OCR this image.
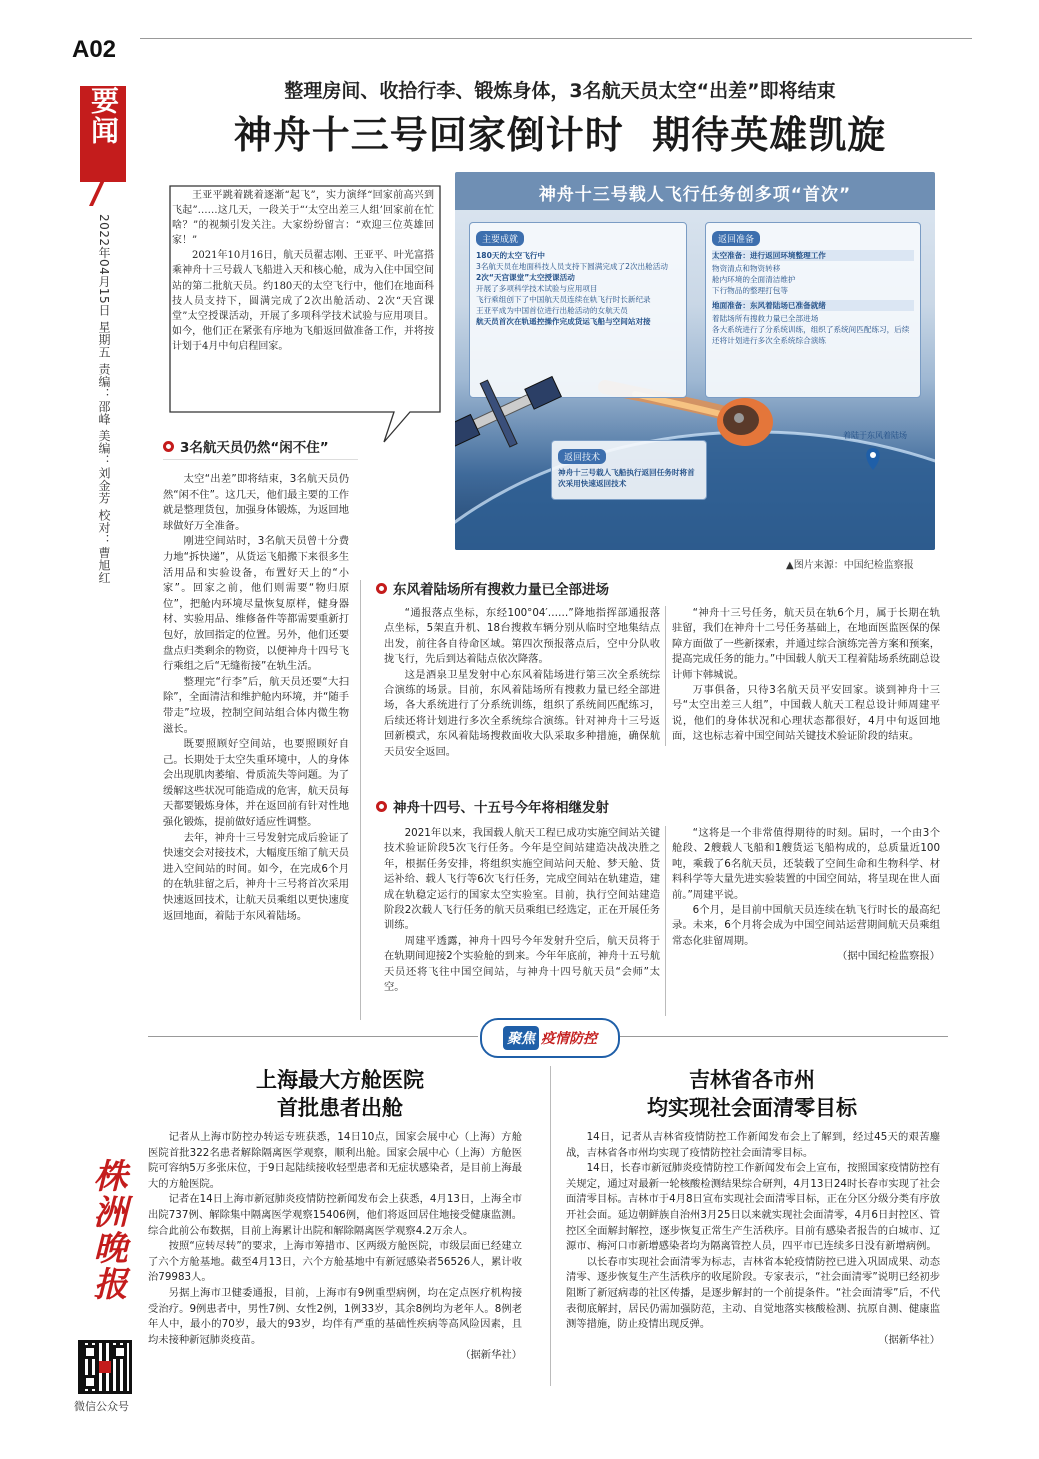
A02
要闻
2022年04月15日 星期五 责编：邵峰 美编：刘金芳 校对：曹旭红
株洲晚报
微信公众号
整理房间、收拾行李、锻炼身体，3名航天员太空“出差”即将结束
神舟十三号回家倒计时  期待英雄凯旋

王亚平跳着跳着逐渐“起飞”，实力演绎“回家前高兴到飞起”……这几天，一段关于“‘太空出差三人组’回家前在忙啥？”的视频引发关注。大家纷纷留言：“欢迎三位英雄回家！”

2021年10月16日，航天员翟志刚、王亚平、叶光富搭乘神舟十三号载人飞船进入天和核心舱，成为入住中国空间站的第二批航天员。约180天的太空飞行中，他们在地面科技人员支持下，圆满完成了2次出舱活动、2次“天宫课堂”太空授课活动，开展了多项科学技术试验与应用项目。如今，他们正在紧张有序地为飞船返回做准备工作，并将按计划于4月中旬启程回家。

神舟十三号载人飞行任务创多项“首次”
主要成就
180天的太空飞行中
3名航天员在地面科技人员支持下圆满完成了2次出舱活动
2次“天宫课堂”太空授课活动
开展了多项科学技术试验与应用项目
飞行乘组创下了中国航天员连续在轨飞行时长新纪录
王亚平成为中国首位进行出舱活动的女航天员
航天员首次在轨遥控操作完成货运飞船与空间站对接
返回准备
太空准备：进行返回环境整理工作
物资清点和物资转移
舱内环境的全面清洁维护
下行物品的整理打包等
地面准备：东风着陆场已准备就绪
着陆场所有搜救力量已全部进场
各大系统进行了分系统训练，组织了系统间匹配练习，后续还将计划进行多次全系统综合演练
返回技术
神舟十三号载人飞船执行返回任务时将首次采用快速返回技术
着陆于东风着陆场
▲图片来源：中国纪检监察报
3名航天员仍然“闲不住”

太空“出差”即将结束，3名航天员仍然“闲不住”。这几天，他们最主要的工作就是整理货包，加强身体锻炼，为返回地球做好万全准备。

刚进空间站时，3名航天员曾十分费力地“拆快递”，从货运飞船搬下来很多生活用品和实验设备，布置好天上的“小家”。回家之前，他们则需要“物归原位”，把舱内环境尽量恢复原样，健身器材、实验用品、维修备件等都需要重新打包好，放回指定的位置。另外，他们还要盘点归类剩余的物资，以便神舟十四号飞行乘组之后“无缝衔接”在轨生活。

整理完“行李”后，航天员还要“大扫除”，全面清洁和维护舱内环境，并“随手带走”垃圾，控制空间站组合体内微生物滋长。

既要照顾好空间站，也要照顾好自己。长期处于太空失重环境中，人的身体会出现肌肉萎缩、骨质流失等问题。为了缓解这些状况可能造成的危害，航天员每天都要锻炼身体，并在返回前有针对性地强化锻炼，提前做好适应性调整。

去年，神舟十三号发射完成后验证了快速交会对接技术，大幅度压缩了航天员进入空间站的时间。如今，在完成6个月的在轨驻留之后，神舟十三号将首次采用快速返回技术，让航天员乘组以更快速度返回地面，着陆于东风着陆场。

东风着陆场所有搜救力量已全部进场

“通报落点坐标，东经100°04′……”降地指挥部通报落点坐标，5架直升机、18台搜救车辆分别从临时空地集结点出发，前往各自待命区域。第四次预报落点后，空中分队收拢飞行，先后到达着陆点依次降落。

这是酒泉卫星发射中心东风着陆场进行第三次全系统综合演练的场景。目前，东风着陆场所有搜救力量已经全部进场，各大系统进行了分系统训练，组织了系统间匹配练习，后续还将计划进行多次全系统综合演练。针对神舟十三号返回新模式，东风着陆场搜救面收大队采取多种措施，确保航天员安全返回。

“神舟十三号任务，航天员在轨6个月，属于长期在轨驻留，我们在神舟十二号任务基础上，在地面医监医保的保障方面做了一些新探索，并通过综合演练完善方案和预案，提高完成任务的能力。”中国载人航天工程着陆场系统副总设计师卞韩城说。

万事俱备，只待3名航天员平安回家。谈到神舟十三号“太空出差三人组”，中国载人航天工程总设计师周建平说，他们的身体状况和心理状态都很好，4月中旬返回地面，这也标志着中国空间站关键技术验证阶段的结束。

神舟十四号、十五号今年将相继发射

2021年以来，我国载人航天工程已成功实施空间站关键技术验证阶段5次飞行任务。今年是空间站建造决战决胜之年，根据任务安排，将组织实施空间站问天舱、梦天舱、货运补给、载人飞行等6次飞行任务，完成空间站在轨建造，建成在轨稳定运行的国家太空实验室。目前，执行空间站建造阶段2次载人飞行任务的航天员乘组已经选定，正在开展任务训练。

周建平透露，神舟十四号今年发射升空后，航天员将于在轨期间迎接2个实验舱的到来。今年年底前，神舟十五号航天员还将飞往中国空间站，与神舟十四号航天员“会师”太空。

“这将是一个非常值得期待的时刻。届时，一个由3个舱段、2艘载人飞船和1艘货运飞船构成的，总质量近100吨，乘载了6名航天员，还装载了空间生命和生物科学、材料科学等大量先进实验装置的中国空间站，将呈现在世人面前。”周建平说。

6个月，是目前中国航天员连续在轨飞行时长的最高纪录。未来，6个月将会成为中国空间站运营期间航天员乘组常态化驻留周期。

（据中国纪检监察报）
聚焦 疫情防控
上海最大方舱医院
首批患者出舱

记者从上海市防控办转运专班获悉，14日10点，国家会展中心（上海）方舱医院首批322名患者解除隔离医学观察，顺利出舱。国家会展中心（上海）方舱医院可容纳5万多张床位，于9日起陆续接收轻型患者和无症状感染者，是目前上海最大的方舱医院。

记者在14日上海市新冠肺炎疫情防控新闻发布会上获悉，4月13日，上海全市出院737例、解除集中隔离医学观察15406例，他们将返回居住地接受健康监测。综合此前公布数据，目前上海累计出院和解除隔离医学观察4.2万余人。

按照“应转尽转”的要求，上海市筹措市、区两级方舱医院，市级层面已经建立了六个方舱基地。截至4月13日，六个方舱基地中有新冠感染者56526人，累计收治79983人。

另据上海市卫健委通报，目前，上海市有9例重型病例，均在定点医疗机构接受治疗。9例患者中，男性7例、女性2例，1例33岁，其余8例均为老年人。8例老年人中，最小的70岁，最大的93岁，均伴有严重的基础性疾病等高风险因素，且均未接种新冠肺炎疫苗。

（据新华社）
吉林省各市州
均实现社会面清零目标

14日，记者从吉林省疫情防控工作新闻发布会上了解到，经过45天的艰苦鏖战，吉林省各市州均实现了疫情防控社会面清零目标。

14日，长春市新冠肺炎疫情防控工作新闻发布会上宣布，按照国家疫情防控有关规定，通过对最新一轮核酸检测结果综合研判，4月13日24时长春市实现了社会面清零目标。吉林市于4月8日宣布实现社会面清零目标，正在分区分级分类有序放开社会面。延边朝鲜族自治州3月25日以来就实现社会面清零，4月6日封控区、管控区全面解封解控，逐步恢复正常生产生活秩序。目前有感染者报告的白城市、辽源市、梅河口市新增感染者均为隔离管控人员，四平市已连续多日没有新增病例。

以长春市实现社会面清零为标志，吉林省本轮疫情防控已进入巩固成果、动态清零、逐步恢复生产生活秩序的收尾阶段。专家表示，“社会面清零”说明已经初步阻断了新冠病毒的社区传播，是逐步解封的一个前提条件。“社会面清零”后，不代表彻底解封，居民仍需加强防范，主动、自觉地落实核酸检测、抗原自测、健康监测等措施，防止疫情出现反弹。

（据新华社）
